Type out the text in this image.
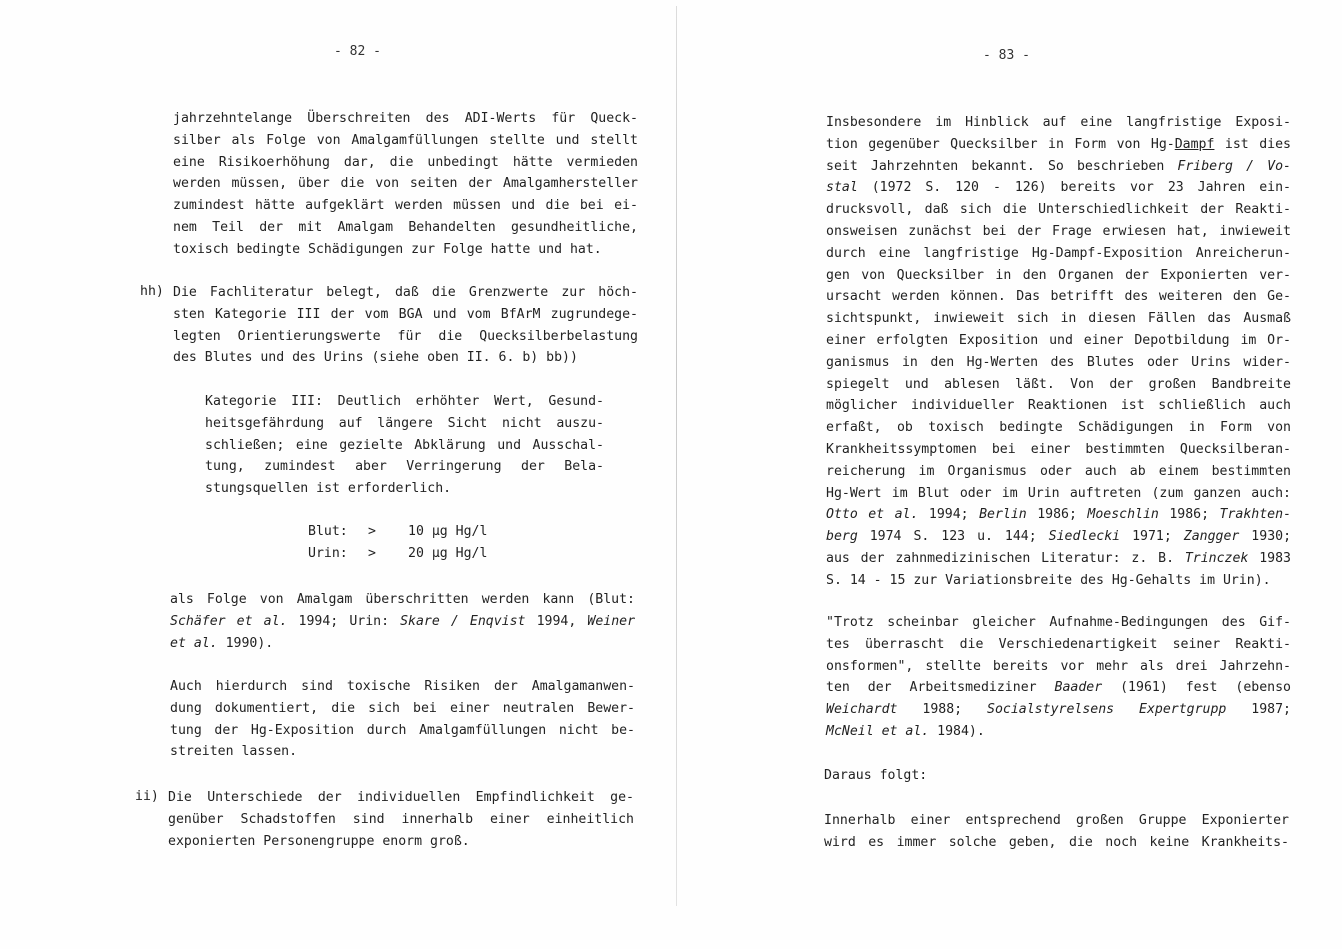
- 82 -
jahrzehntelange Überschreiten des ADI-Werts für Queck-
silber als Folge von Amalgamfüllungen stellte und stellt
eine Risikoerhöhung dar, die unbedingt hätte vermieden
werden müssen, über die von seiten der Amalgamhersteller
zumindest hätte aufgeklärt werden müssen und die bei ei-
nem Teil der mit Amalgam Behandelten gesundheitliche,
toxisch bedingte Schädigungen zur Folge hatte und hat.
hh) Die Fachliteratur belegt, daß die Grenzwerte zur höch-
sten Kategorie III der vom BGA und vom BfArM zugrundege-
legten Orientierungswerte für die Quecksilberbelastung
des Blutes und des Urins (siehe oben II. 6. b) bb))
Kategorie III: Deutlich erhöhter Wert, Gesund-
heitsgefährdung auf längere Sicht nicht auszu-
schließen; eine gezielte Abklärung und Ausschal-
tung, zumindest aber Verringerung der Bela-
stungsquellen ist erforderlich.
Blut:	>	10 µg Hg/l
Urin:	>	20 µg Hg/l
als Folge von Amalgam überschritten werden kann (Blut:
Schäfer et al. 1994; Urin: Skare / Enqvist 1994, Weiner
et al. 1990).
Auch hierdurch sind toxische Risiken der Amalgamanwen-
dung dokumentiert, die sich bei einer neutralen Bewer-
tung der Hg-Exposition durch Amalgamfüllungen nicht be-
streiten lassen.
ii) Die Unterschiede der individuellen Empfindlichkeit ge-
genüber Schadstoffen sind innerhalb einer einheitlich
exponierten Personengruppe enorm groß.
- 83 -
Insbesondere im Hinblick auf eine langfristige Exposi-
tion gegenüber Quecksilber in Form von Hg-Dampf ist dies
seit Jahrzehnten bekannt. So beschrieben Friberg / Vo-
stal (1972 S. 120 - 126) bereits vor 23 Jahren ein-
drucksvoll, daß sich die Unterschiedlichkeit der Reakti-
onsweisen zunächst bei der Frage erwiesen hat, inwieweit
durch eine langfristige Hg-Dampf-Exposition Anreicherun-
gen von Quecksilber in den Organen der Exponierten ver-
ursacht werden können. Das betrifft des weiteren den Ge-
sichtspunkt, inwieweit sich in diesen Fällen das Ausmaß
einer erfolgten Exposition und einer Depotbildung im Or-
ganismus in den Hg-Werten des Blutes oder Urins wider-
spiegelt und ablesen läßt. Von der großen Bandbreite
möglicher individueller Reaktionen ist schließlich auch
erfaßt, ob toxisch bedingte Schädigungen in Form von
Krankheitssymptomen bei einer bestimmten Quecksilberan-
reicherung im Organismus oder auch ab einem bestimmten
Hg-Wert im Blut oder im Urin auftreten (zum ganzen auch:
Otto et al. 1994; Berlin 1986; Moeschlin 1986; Trakhten-
berg 1974 S. 123 u. 144; Siedlecki 1971; Zangger 1930;
aus der zahnmedizinischen Literatur: z. B. Trinczek 1983
S. 14 - 15 zur Variationsbreite des Hg-Gehalts im Urin).
"Trotz scheinbar gleicher Aufnahme-Bedingungen des Gif-
tes überrascht die Verschiedenartigkeit seiner Reakti-
onsformen", stellte bereits vor mehr als drei Jahrzehn-
ten der Arbeitsmediziner Baader (1961) fest (ebenso
Weichardt 1988; Socialstyrelsens Expertgrupp 1987;
McNeil et al. 1984).
Daraus folgt:
Innerhalb einer entsprechend großen Gruppe Exponierter
wird es immer solche geben, die noch keine Krankheits-
